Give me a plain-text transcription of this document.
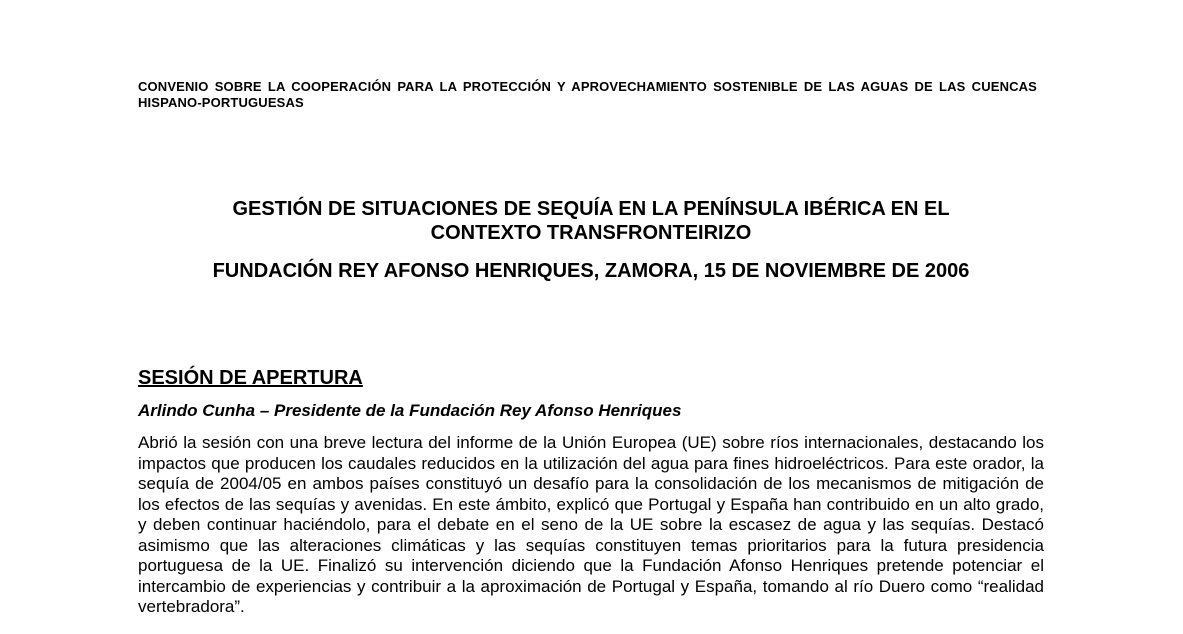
CONVENIO SOBRE LA COOPERACIÓN PARA LA PROTECCIÓN Y APROVECHAMIENTO SOSTENIBLE DE LAS AGUAS DE LAS CUENCAS HISPANO-PORTUGUESAS
GESTIÓN DE SITUACIONES DE SEQUÍA EN LA PENÍNSULA IBÉRICA EN EL
CONTEXTO TRANSFRONTEIRIZO
FUNDACIÓN REY AFONSO HENRIQUES, ZAMORA, 15 DE NOVIEMBRE DE 2006
SESIÓN DE APERTURA
Arlindo Cunha – Presidente de la Fundación Rey Afonso Henriques

Abrió la sesión con una breve lectura del informe de la Unión Europea (UE) sobre ríos internacionales, destacando los impactos que producen los caudales reducidos en la utilización del agua para fines hidroeléctricos. Para este orador, la sequía de 2004/05 en ambos países constituyó un desafío para la consolidación de los mecanismos de mitigación de los efectos de las sequías y avenidas. En este ámbito, explicó que Portugal y España han contribuido en un alto grado, y deben continuar haciéndolo, para el debate en el seno de la UE sobre la escasez de agua y las sequías. Destacó asimismo que las alteraciones climáticas y las sequías constituyen temas prioritarios para la futura presidencia portuguesa de la UE. Finalizó su intervención diciendo que la Fundación Afonso Henriques pretende potenciar el intercambio de experiencias y contribuir a la aproximación de Portugal y España, tomando al río Duero como “realidad vertebradora”.
